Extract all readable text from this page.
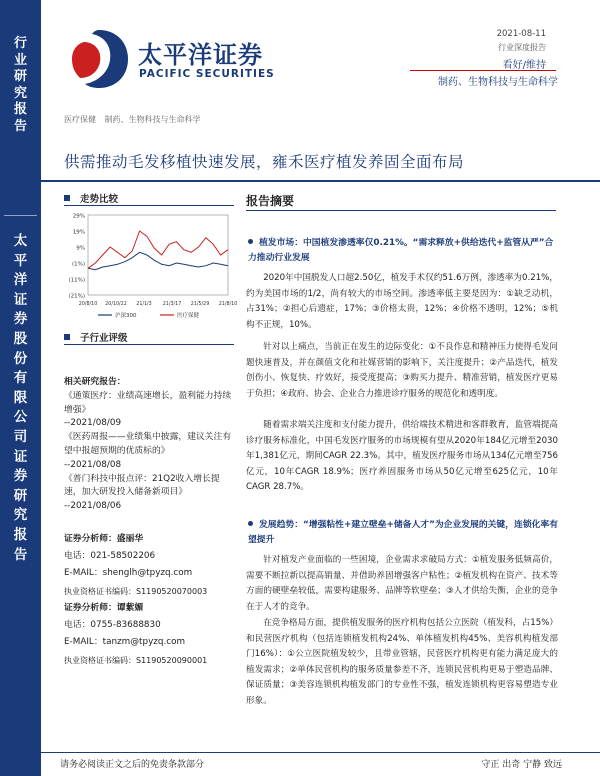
行
业
研
究
报
告
太
平
洋
证
券
股
份
有
限
公
司
证
券
研
究
报
告
太平洋证券
PACIFIC SECURITIES
2021-08-11
行业深度报告
看好/维持
制药、生物科技与生命科学
医疗保健 制药、生物科技与生命科学
供需推动毛发移植快速发展，雍禾医疗植发养固全面布局
走势比较
29%
19%
9%
(1%)
(11%)
(21%)
20/8/10 20/10/22 21/1/3 21/3/17 21/5/29 21/8/10
沪深300	医疗保健
子行业评级
相关研究报告：
《通策医疗：业绩高速增长，盈利能力持续增强》
--2021/08/09
《医药周报——业绩集中披露，建议关注有望中报超预期的优质标的》
--2021/08/08
《普门科技中报点评：21Q2收入增长提速，加大研发投入储备新项目》
--2021/08/06
证券分析师：盛丽华
电话：021-58502206
E-MAIL：shenglh@tpyzq.com
执业资格证书编码：S1190520070003
证券分析师：谭紫媚
电话：0755-83688830
E-MAIL：tanzm@tpyzq.com
执业资格证书编码：S1190520090001
报告摘要
植发市场：中国植发渗透率仅0.21%。“需求释放+供给迭代+监管从严”合力推动行业发展

2020年中国脱发人口超2.50亿，植发手术仅约51.6万例，渗透率为0.21%，约为美国市场的1/2，尚有较大的市场空间。渗透率低主要是因为：①缺乏动机，占31%；②担心后遗症，17%；③价格太贵，12%；④价格不透明，12%；⑤机构不正规，10%。

针对以上痛点，当前正在发生的边际变化：①不良作息和精神压力使得毛发问题快速普及，并在颜值文化和社媒营销的影响下，关注度提升；②产品迭代，植发创伤小、恢复快、疗效好，接受度提高；③购买力提升、精准营销，植发医疗更易于负担；④政府、协会、企业合力推进诊疗服务的规范化和透明度。

随着需求端关注度和支付能力提升，供给端技术精进和客群教育，监管端提高诊疗服务标准化，中国毛发医疗服务的市场规模有望从2020年184亿元增至2030年1,381亿元，期间CAGR 22.3%。其中，植发医疗服务市场从134亿元增至756亿元，10年CAGR 18.9%；医疗养固服务市场从50亿元增至625亿元，10年CAGR 28.7%。

发展趋势：“增强粘性+建立壁垒+储备人才”为企业发展的关键，连锁化率有望提升

针对植发产业面临的一些困境，企业需求求破局方式：①植发服务低频高价，需要不断拉新以提高销量、并借助养固增强客户粘性；②植发机构在资产、技术等方面的硬壁垒较低，需要构建服务、品牌等软壁垒；③人才供给失衡，企业的竞争在于人才的竞争。

在竞争格局方面，提供植发服务的医疗机构包括公立医院（植发科，占15%）和民营医疗机构（包括连锁植发机构24%、单体植发机构45%、美容机构植发部门16%）：①公立医院植发较少，且带业管辖，民营医疗机构更有能力满足庞大的植发需求；②单体民营机构的服务质量参差不齐，连锁民营机构更易于塑造品牌、保证质量；③美容连锁机构植发部门的专业性不强，植发连锁机构更容易塑造专业形象。

请务必阅读正文之后的免责条款部分	守正 出奇 宁静 致远
